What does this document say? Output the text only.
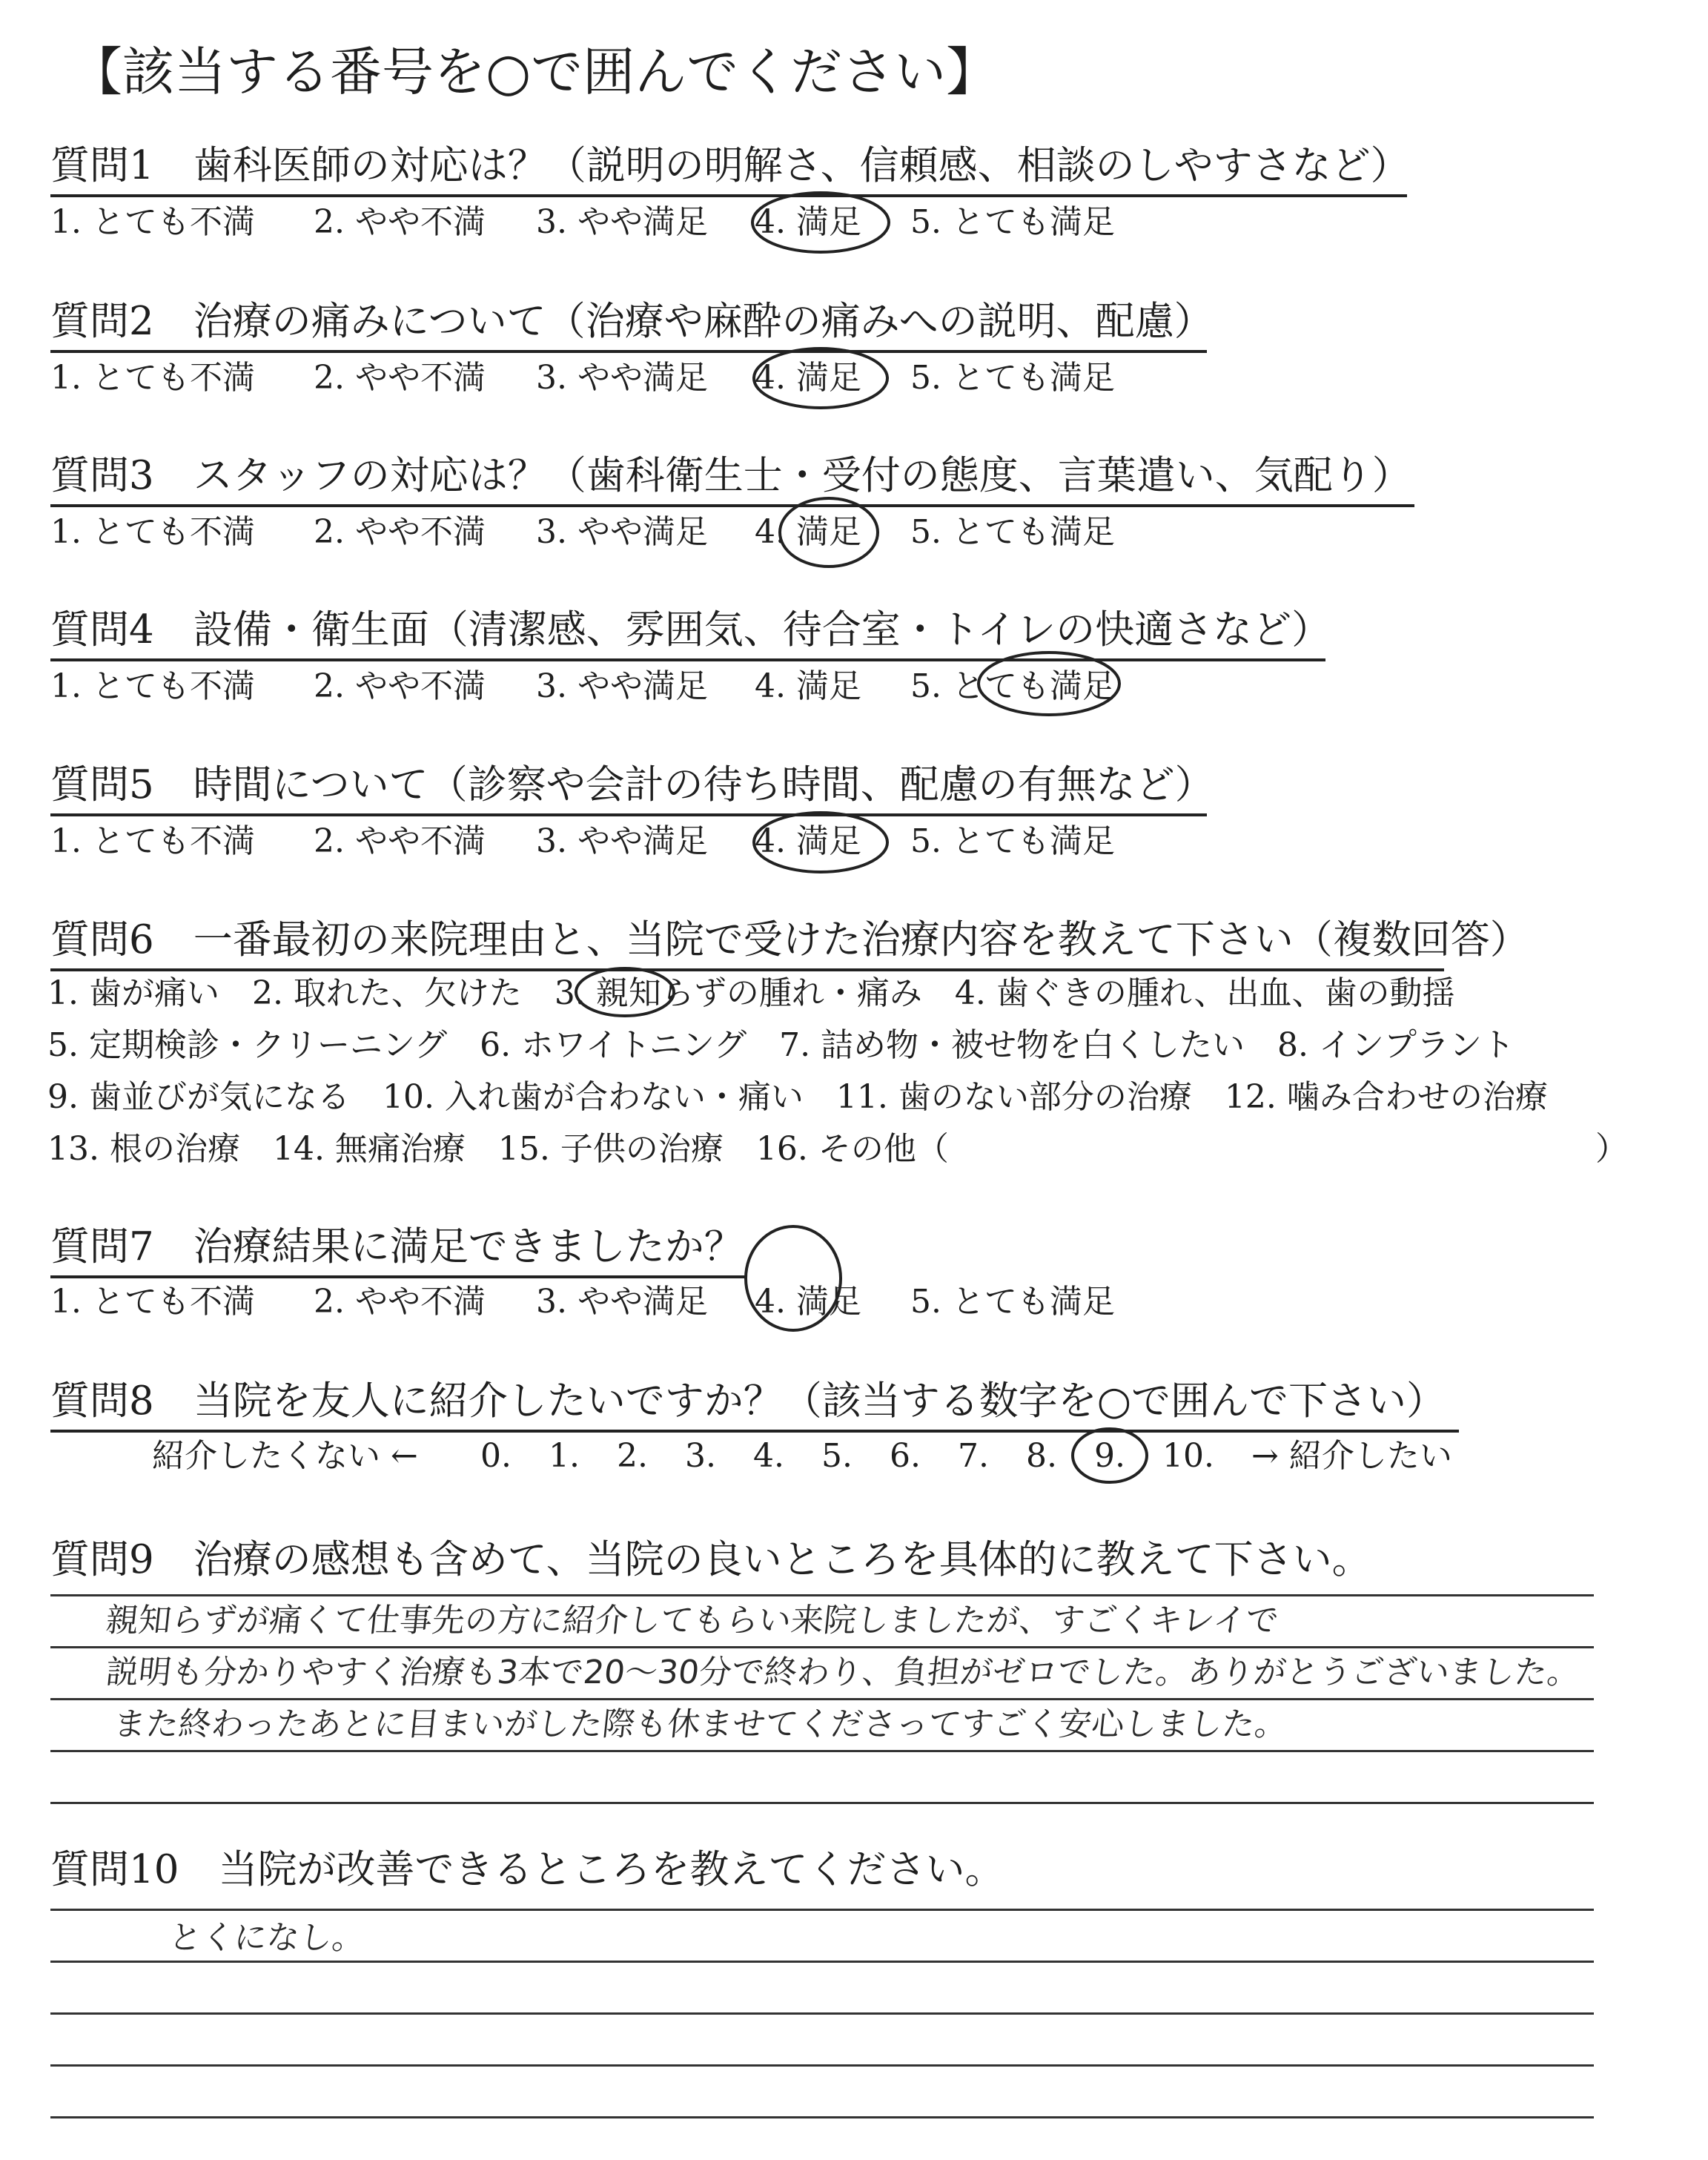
【該当する番号を○で囲んでください】
質問1　歯科医師の対応は？（説明の明解さ、信頼感、相談のしやすさなど）
1. とても不満 2. やや不満 3. やや満足 4. 満足 5. とても満足
質問2　治療の痛みについて（治療や麻酔の痛みへの説明、配慮）
1. とても不満 2. やや不満 3. やや満足 4. 満足 5. とても満足
質問3　スタッフの対応は？（歯科衛生士・受付の態度、言葉遣い、気配り）
1. とても不満 2. やや不満 3. やや満足 4. 満足 5. とても満足
質問4　設備・衛生面（清潔感、雰囲気、待合室・トイレの快適さなど）
1. とても不満 2. やや不満 3. やや満足 4. 満足 5. とても満足
質問5　時間について（診察や会計の待ち時間、配慮の有無など）
1. とても不満 2. やや不満 3. やや満足 4. 満足 5. とても満足
質問6　一番最初の来院理由と、当院で受けた治療内容を教えて下さい（複数回答）
1. 歯が痛い　2. 取れた、欠けた　3. 親知らずの腫れ・痛み　4. 歯ぐきの腫れ、出血、歯の動揺
5. 定期検診・クリーニング　6. ホワイトニング　7. 詰め物・被せ物を白くしたい　8. インプラント
9. 歯並びが気になる　10. 入れ歯が合わない・痛い　11. 歯のない部分の治療　12. 噛み合わせの治療
13. 根の治療　14. 無痛治療　15. 子供の治療　16. その他（	）
質問7　治療結果に満足できましたか？
1. とても不満 2. やや不満 3. やや満足 4. 満足 5. とても満足
質問8　当院を友人に紹介したいですか？（該当する数字を○で囲んで下さい）
紹介したくない ← 0. 1. 2. 3. 4. 5. 6. 7. 8. 9. 10. → 紹介したい
質問9　治療の感想も含めて、当院の良いところを具体的に教えて下さい。
親知らずが痛くて仕事先の方に紹介してもらい来院しましたが、すごくキレイで
説明も分かりやすく治療も3本で20〜30分で終わり、負担がゼロでした。ありがとうございました。
また終わったあとに目まいがした際も休ませてくださってすごく安心しました。
質問10　当院が改善できるところを教えてください。
とくになし。
